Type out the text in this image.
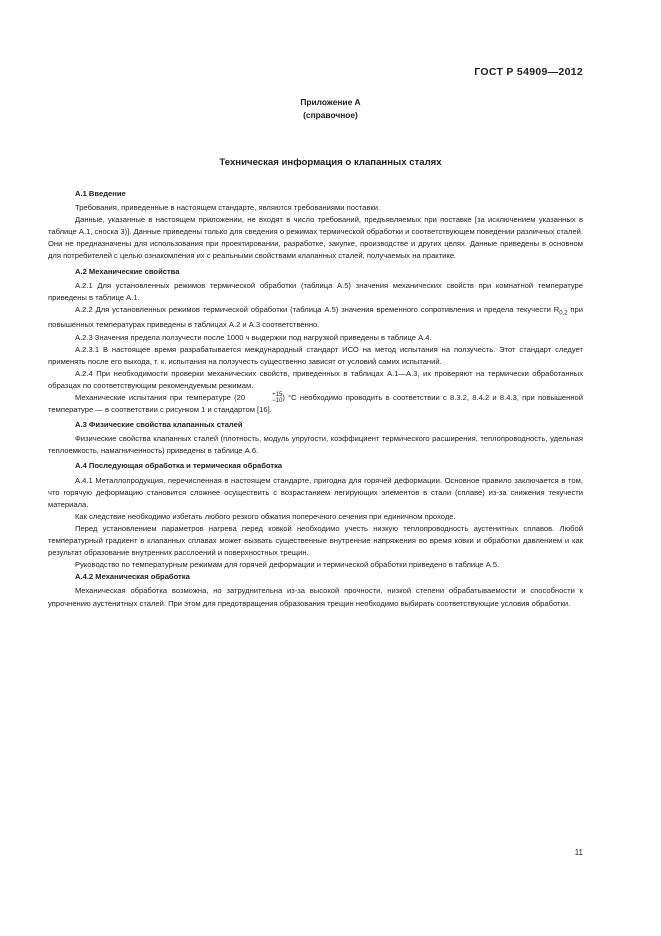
ГОСТ Р 54909—2012
Приложение А
(справочное)
Техническая информация о клапанных сталях
А.1 Введение

Требования, приведенные в настоящем стандарте, являются требованиями поставки.

Данные, указанные в настоящем приложении, не входят в число требований, предъявляемых при поставке [за исключением указанных в таблице А.1, сноска 3)]. Данные приведены только для сведения о режимах термической обработки и соответствующем поведении различных сталей. Они не предназначены для использования при проектировании, разработке, закупке, производстве и других целях. Данные приведены в основном для потребителей с целью ознакомления их с реальными свойствами клапанных сталей, получаемых на практике.

А.2 Механические свойства

А.2.1 Для установленных режимов термической обработки (таблица А.5) значения механических свойств при комнатной температуре приведены в таблице А.1.

А.2.2 Для установленных режимов термической обработки (таблица А.5) значения временного сопротивления и предела текучести $R_{0,2}$ при повышенных температурах приведены в таблицах А.2 и А.3 соответственно.

А.2.3 Значения предела ползучести после 1000 ч выдержки под нагрузкой приведены в таблице А.4.

А.2.3.1 В настоящее время разрабатывается международный стандарт ИСО на метод испытания на ползучесть. Этот стандарт следует применять после его выхода, т. к. испытания на ползучесть существенно зависят от условий самих испытаний.

А.2.4 При необходимости проверки механических свойств, приведенных в таблицах А.1—А.3, их проверяют на термически обработанных образцах по соответствующим рекомендуемым режимам.

Механические испытания при температуре (20	+15
−10 ) °С необходимо проводить в соответствии с 8.3.2, 8.4.2 и 8.4.3, при повышенной температуре — в соответствии с рисунком 1 и стандартом [16].

А.3 Физические свойства клапанных сталей

Физические свойства клапанных сталей (плотность, модуль упругости, коэффициент термического расширения, теплопроводность, удельная теплоемкость, намагниченность) приведены в таблице А.6.

А.4 Последующая обработка и термическая обработка

А.4.1 Металлопродукция, перечисленная в настоящем стандарте, пригодна для горячей деформации. Основное правило заключается в том, что горячую деформацию становится сложнее осуществить с возрастанием легирующих элементов в стали (сплаве) из-за снижения текучести материала.

Как следствие необходимо избегать любого резкого обжатия поперечного сечения при единичном проходе.

Перед установлением параметров нагрева перед ковкой необходимо учесть низкую теплопроводность аустенитных сплавов. Любой температурный градиент в клапанных сплавах может вызвать существенные внутренние напряжения во время ковки и обработки давлением и как результат образование внутренних расслоений и поверхностных трещин.

Руководство по температурным режимам для горячей деформации и термической обработки приведено в таблице А.5.

А.4.2 Механическая обработка

Механическая обработка возможна, но затруднительна из-за высокой прочности, низкой степени обрабатываемости и способности к упрочнению аустенитных сталей. При этом для предотвращения образования трещин необходимо выбирать соответствующие условия обработки.

11
